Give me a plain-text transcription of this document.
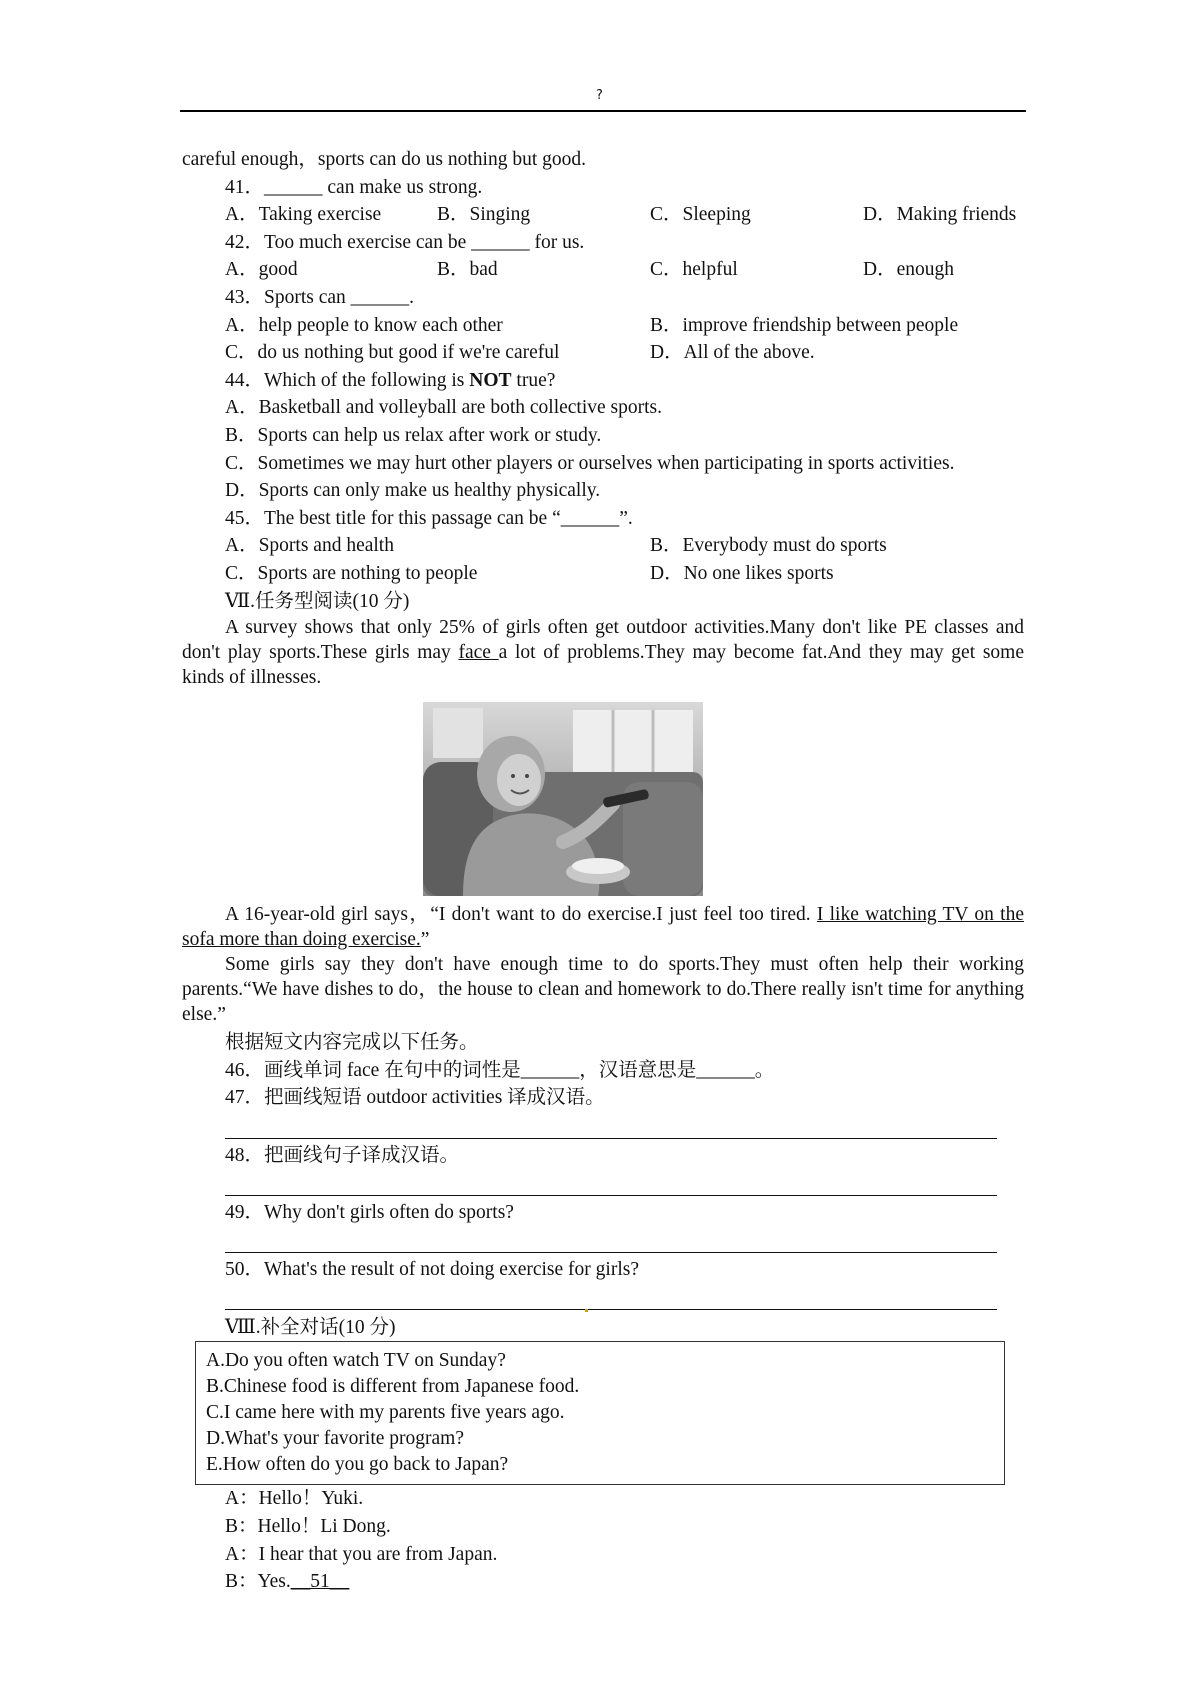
?
careful enough，sports can do us nothing but good.
41．______ can make us strong.
A．Taking exercise	B．Singing	C．Sleeping	D．Making friends
42．Too much exercise can be ______ for us.
A．good	B．bad	C．helpful	D．enough
43．Sports can ______.
A．help people to know each other	B．improve friendship between people
C．do us nothing but good if we're careful	D．All of the above.
44．Which of the following is NOT true?
A．Basketball and volleyball are both collective sports.
B．Sports can help us relax after work or study.
C．Sometimes we may hurt other players or ourselves when participating in sports activities.
D．Sports can only make us healthy physically.
45．The best title for this passage can be “______”.
A．Sports and health	B．Everybody must do sports
C．Sports are nothing to people	D．No one likes sports
Ⅶ.任务型阅读(10 分)

A survey shows that only 25% of girls often get outdoor activities.Many don't like PE classes and don't play sports.These girls may face a lot of problems.They may become fat.And they may get some kinds of illnesses.

A 16-year-old girl says，“I don't want to do exercise.I just feel too tired. I like watching TV on the sofa more than doing exercise.”

Some girls say they don't have enough time to do sports.They must often help their working parents.“We have dishes to do，the house to clean and homework to do.There really isn't time for anything else.”

根据短文内容完成以下任务。
46．画线单词 face 在句中的词性是______，汉语意思是______。
47．把画线短语 outdoor activities 译成汉语。
48．把画线句子译成汉语。
49．Why don't girls often do sports?
50．What's the result of not doing exercise for girls?
Ⅷ.补全对话(10 分)
A.Do you often watch TV on Sunday?
B.Chinese food is different from Japanese food.
C.I came here with my parents five years ago.
D.What's your favorite program?
E.How often do you go back to Japan?
A：Hello！Yuki.
B：Hello！Li Dong.
A：I hear that you are from Japan.
B：Yes.__51__
